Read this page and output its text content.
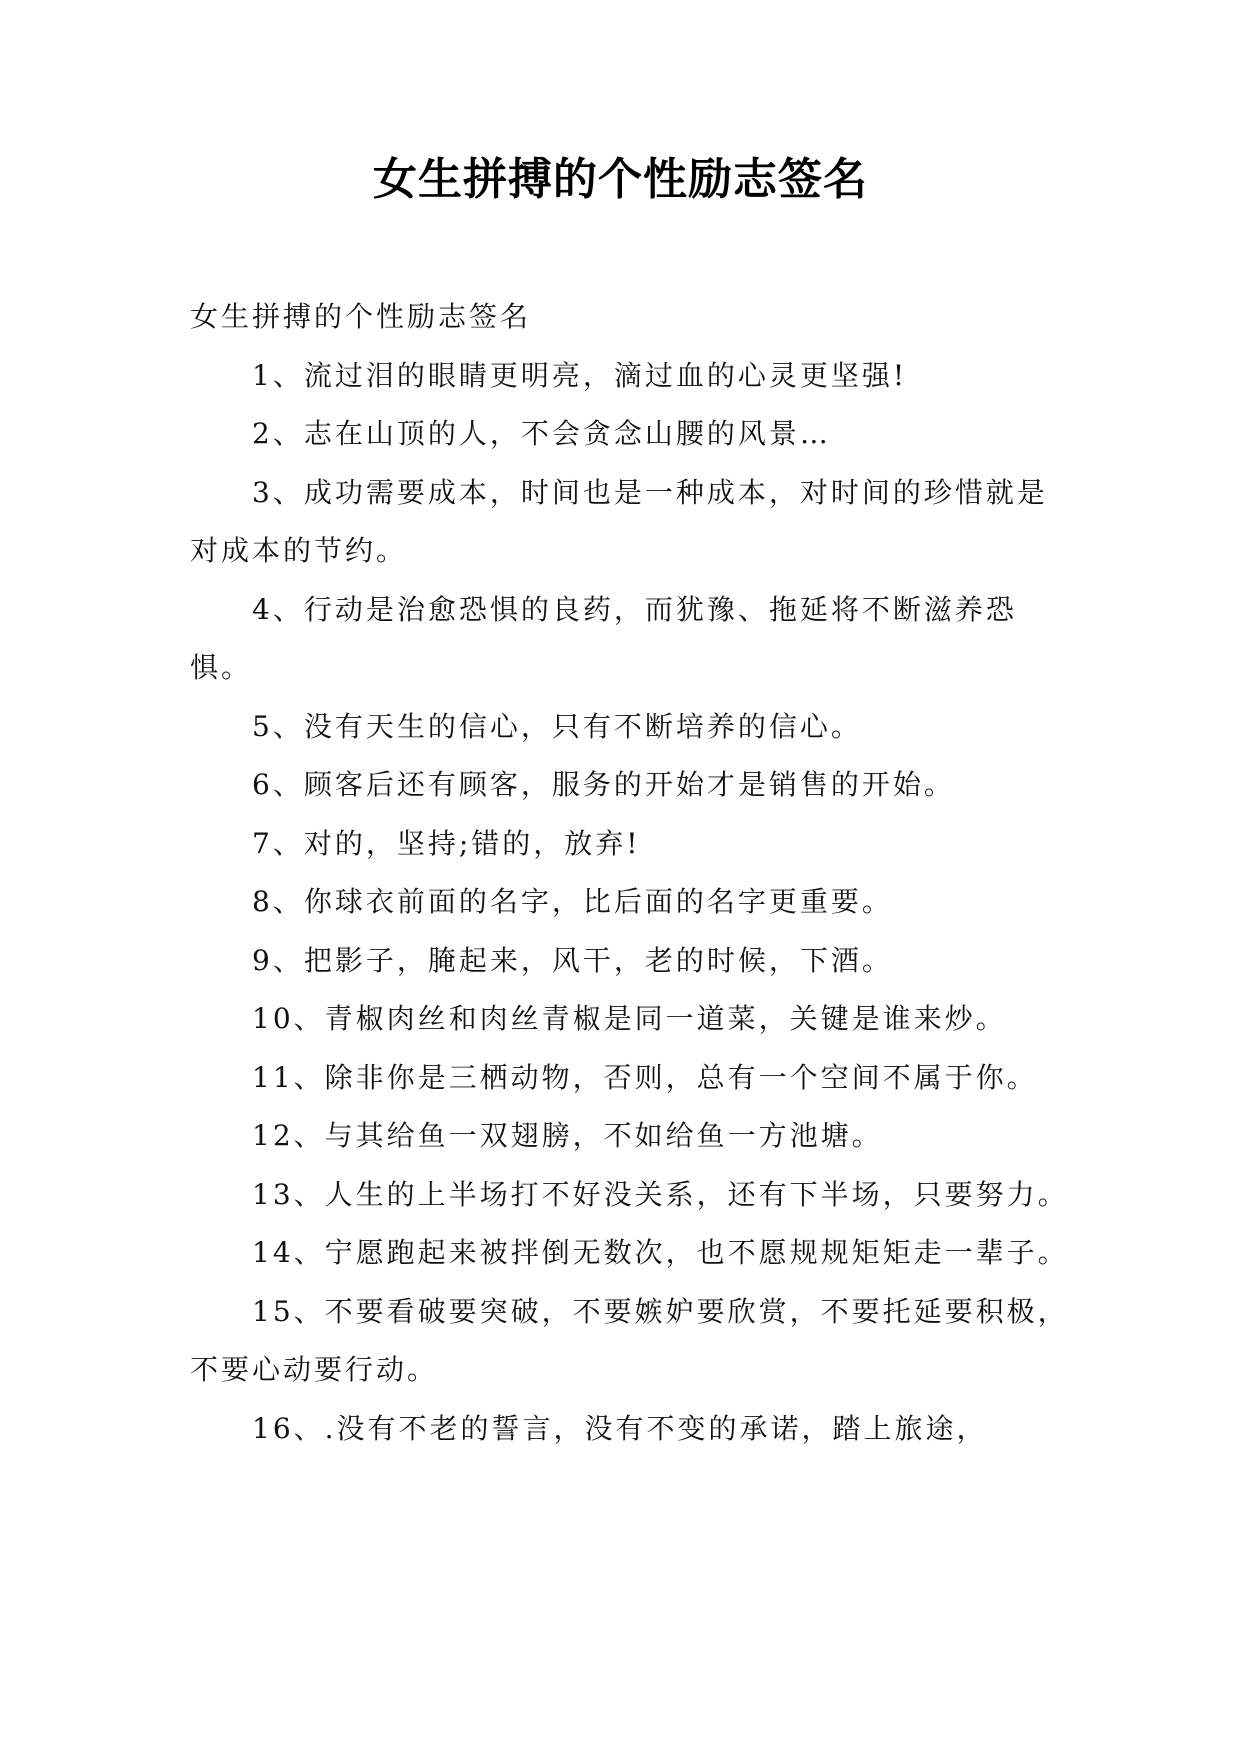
女生拼搏的个性励志签名
女生拼搏的个性励志签名

1、流过泪的眼睛更明亮，滴过血的心灵更坚强!

2、志在山顶的人，不会贪念山腰的风景…

3、成功需要成本，时间也是一种成本，对时间的珍惜就是对成本的节约。

4、行动是治愈恐惧的良药，而犹豫、拖延将不断滋养恐惧。

5、没有天生的信心，只有不断培养的信心。

6、顾客后还有顾客，服务的开始才是销售的开始。

7、对的，坚持;错的，放弃!

8、你球衣前面的名字，比后面的名字更重要。

9、把影子，腌起来，风干，老的时候，下酒。

10、青椒肉丝和肉丝青椒是同一道菜，关键是谁来炒。

11、除非你是三栖动物，否则，总有一个空间不属于你。

12、与其给鱼一双翅膀，不如给鱼一方池塘。

13、人生的上半场打不好没关系，还有下半场，只要努力。

14、宁愿跑起来被拌倒无数次，也不愿规规矩矩走一辈子。

15、不要看破要突破，不要嫉妒要欣赏，不要托延要积极，不要心动要行动。

16、.没有不老的誓言，没有不变的承诺，踏上旅途，
